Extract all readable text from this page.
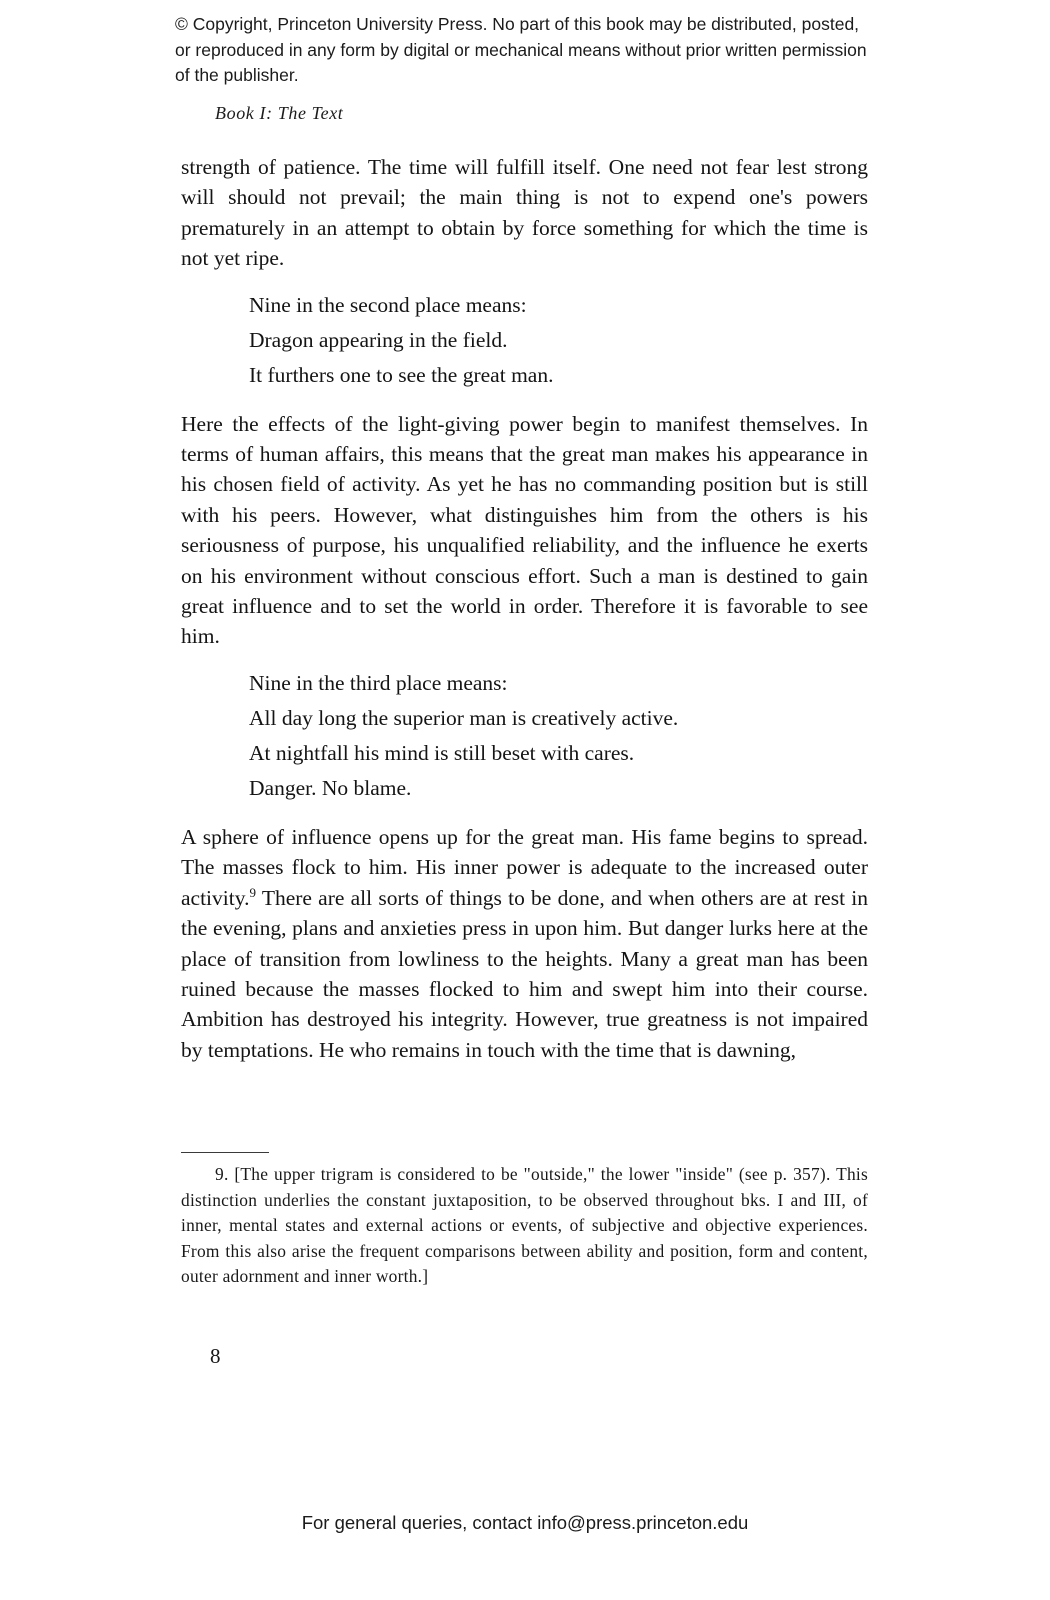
© Copyright, Princeton University Press. No part of this book may be distributed, posted, or reproduced in any form by digital or mechanical means without prior written permission of the publisher.
Book I: The Text

strength of patience. The time will fulfill itself. One need not fear lest strong will should not prevail; the main thing is not to expend one's powers prematurely in an attempt to obtain by force something for which the time is not yet ripe.

Nine in the second place means:
Dragon appearing in the field.
It furthers one to see the great man.

Here the effects of the light-giving power begin to manifest themselves. In terms of human affairs, this means that the great man makes his appearance in his chosen field of activity. As yet he has no commanding position but is still with his peers. However, what distinguishes him from the others is his seriousness of purpose, his unqualified reliability, and the influence he exerts on his environment without conscious effort. Such a man is destined to gain great influence and to set the world in order. Therefore it is favorable to see him.

Nine in the third place means:
All day long the superior man is creatively active.
At nightfall his mind is still beset with cares.
Danger. No blame.

A sphere of influence opens up for the great man. His fame begins to spread. The masses flock to him. His inner power is adequate to the increased outer activity.$^9$ There are all sorts of things to be done, and when others are at rest in the evening, plans and anxieties press in upon him. But danger lurks here at the place of transition from lowliness to the heights. Many a great man has been ruined because the masses flocked to him and swept him into their course. Ambition has destroyed his integrity. However, true greatness is not impaired by temptations. He who remains in touch with the time that is dawning,

9. [The upper trigram is considered to be "outside," the lower "inside" (see p. 357). This distinction underlies the constant juxtaposition, to be observed throughout bks. I and III, of inner, mental states and external actions or events, of subjective and objective experiences. From this also arise the frequent comparisons between ability and position, form and content, outer adornment and inner worth.]

8
For general queries, contact info@press.princeton.edu
